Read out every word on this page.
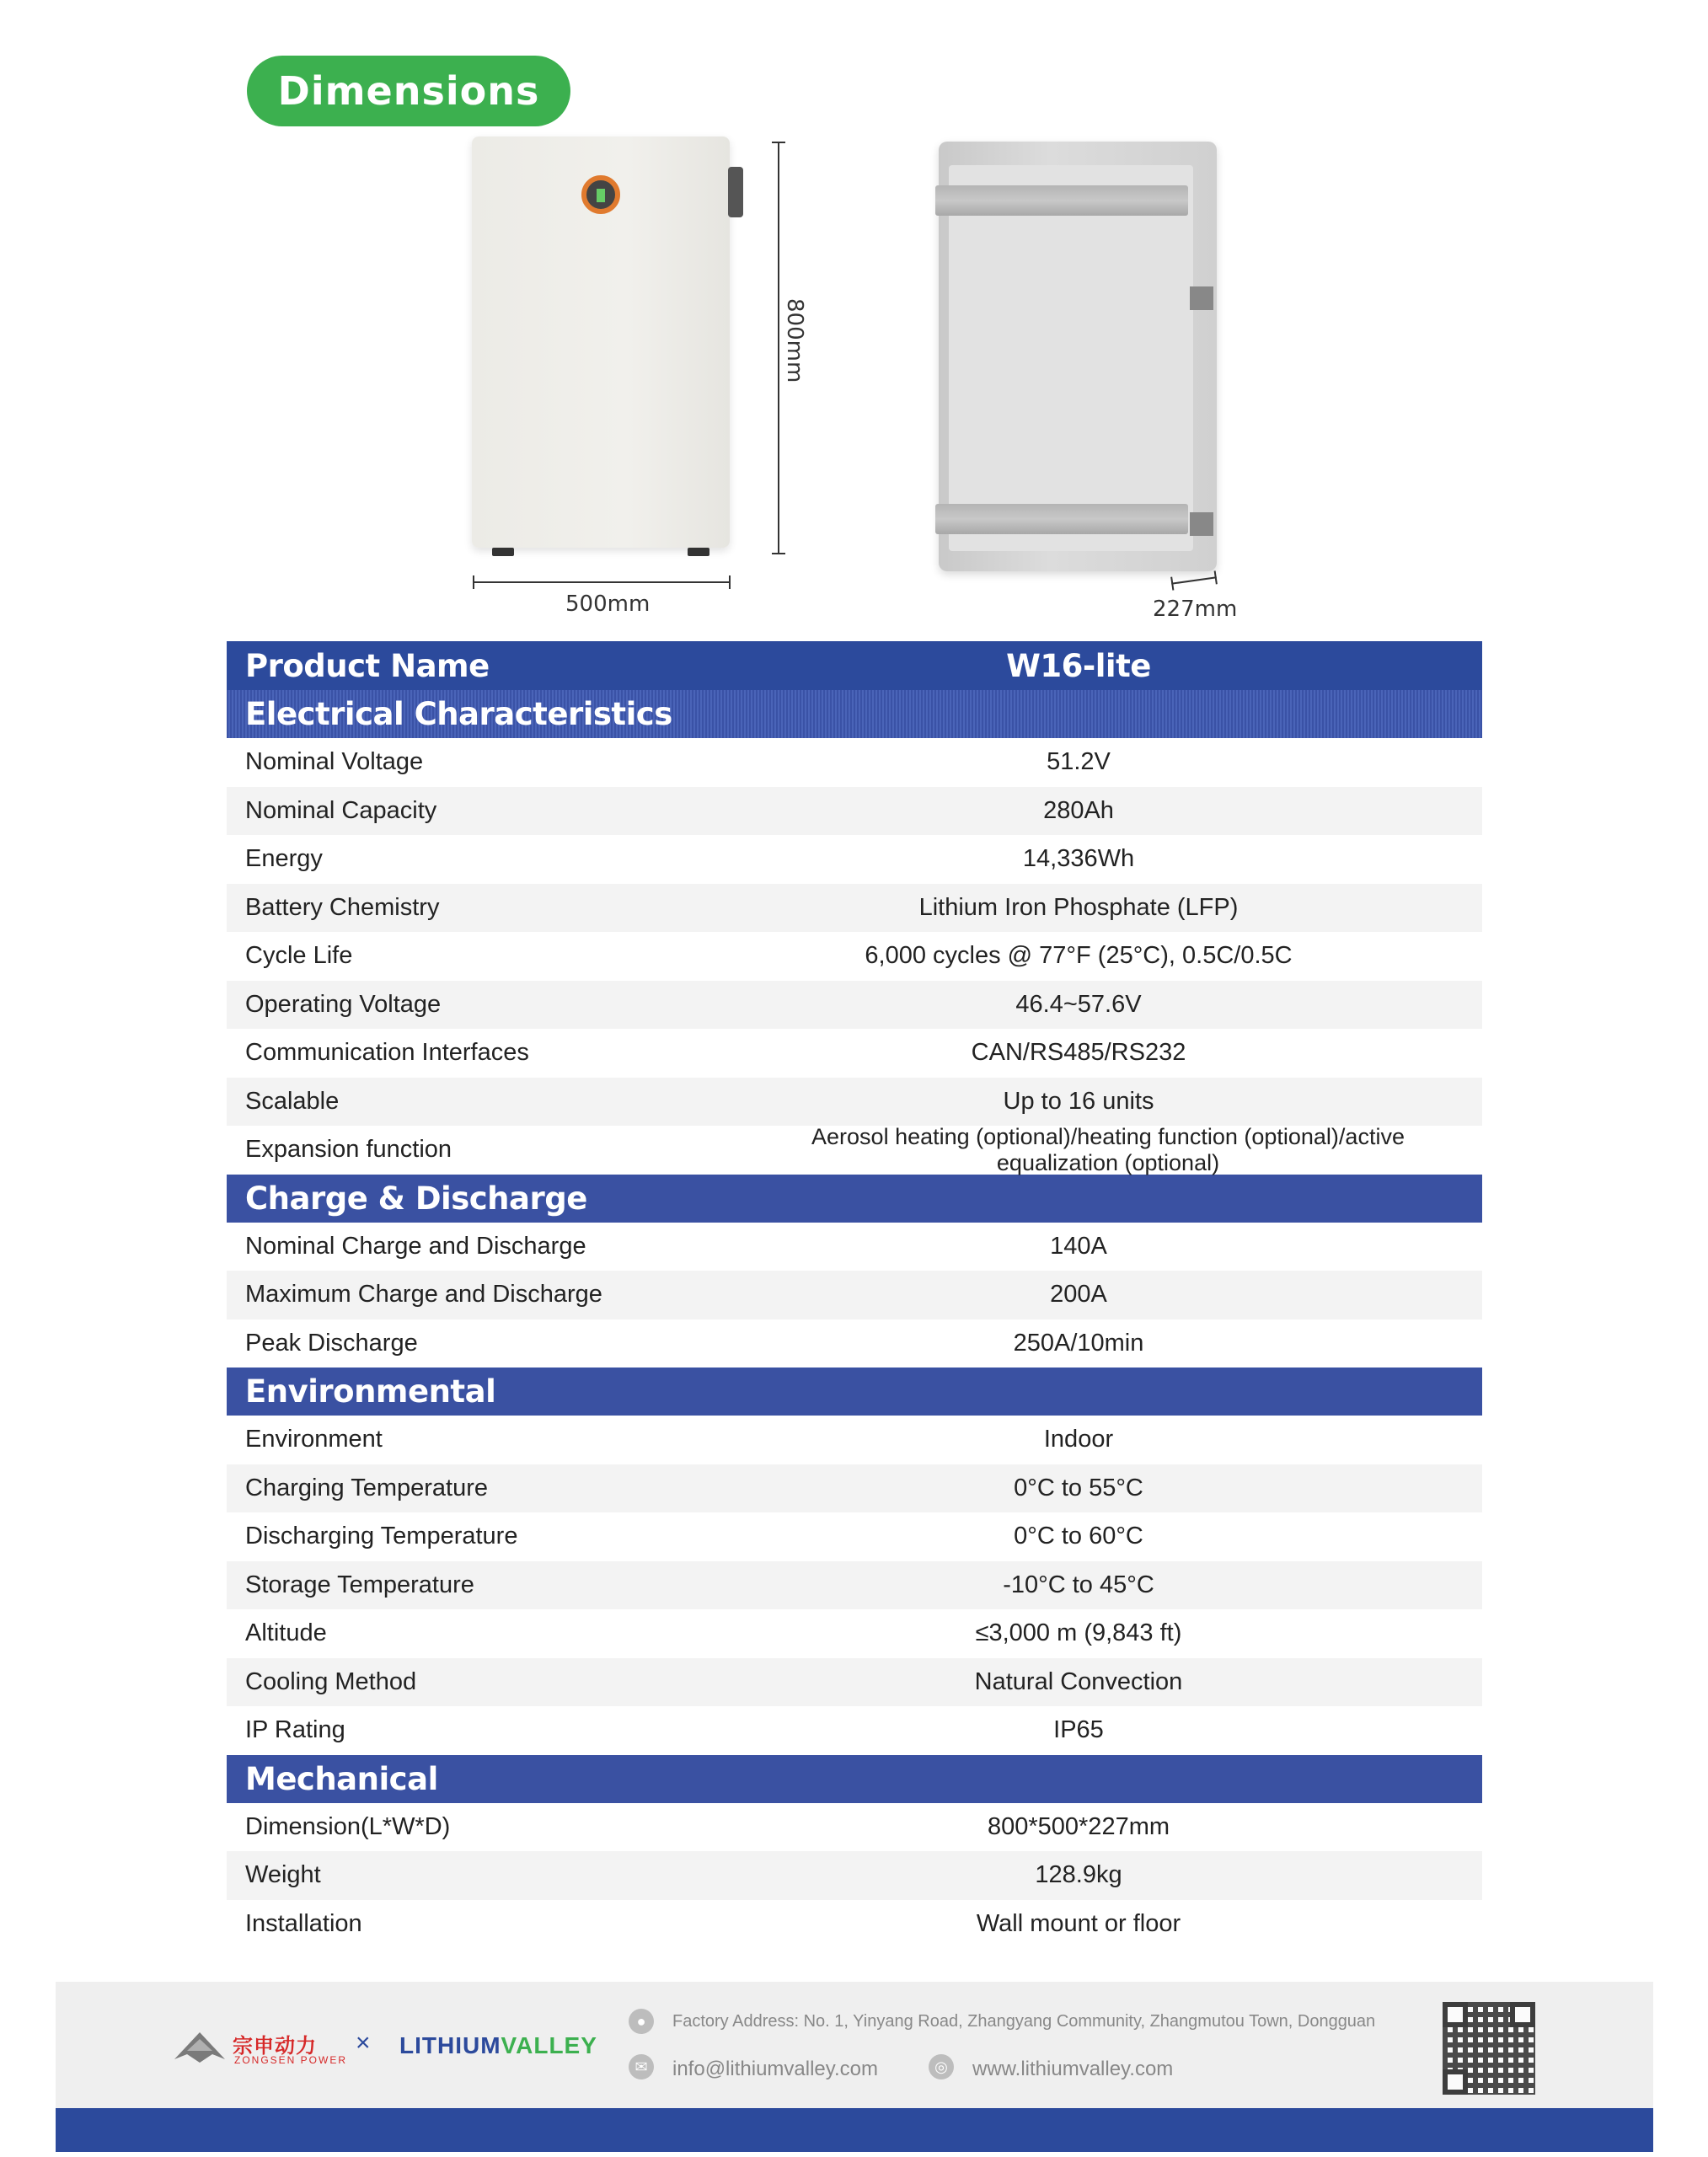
Dimensions
800mm
500mm	227mm
Product Name	W16-lite
Electrical Characteristics
Nominal Voltage	51.2V
Nominal Capacity	280Ah
Energy	14,336Wh
Battery Chemistry	Lithium Iron Phosphate (LFP)
Cycle Life	6,000 cycles @ 77°F (25°C), 0.5C/0.5C
Operating Voltage	46.4~57.6V
Communication Interfaces	CAN/RS485/RS232
Scalable	Up to 16 units
Expansion function	Aerosol heating (optional)/heating function (optional)/active equalization (optional)
Charge & Discharge
Nominal Charge and Discharge	140A
Maximum Charge and Discharge	200A
Peak Discharge	250A/10min
Environmental
Environment	Indoor
Charging Temperature	0°C to 55°C
Discharging Temperature	0°C to 60°C
Storage Temperature	-10°C to 45°C
Altitude	≤3,000 m (9,843 ft)
Cooling Method	Natural Convection
IP Rating	IP65
Mechanical
Dimension(L*W*D)	800*500*227mm
Weight	128.9kg
Installation	Wall mount or floor
宗申动力
ZONGSEN POWER
× LITHIUMVALLEY
●	Factory Address: No. 1, Yinyang Road, Zhangyang Community, Zhangmutou Town, Dongguan
✉	info@lithiumvalley.com	◎ www.lithiumvalley.com
